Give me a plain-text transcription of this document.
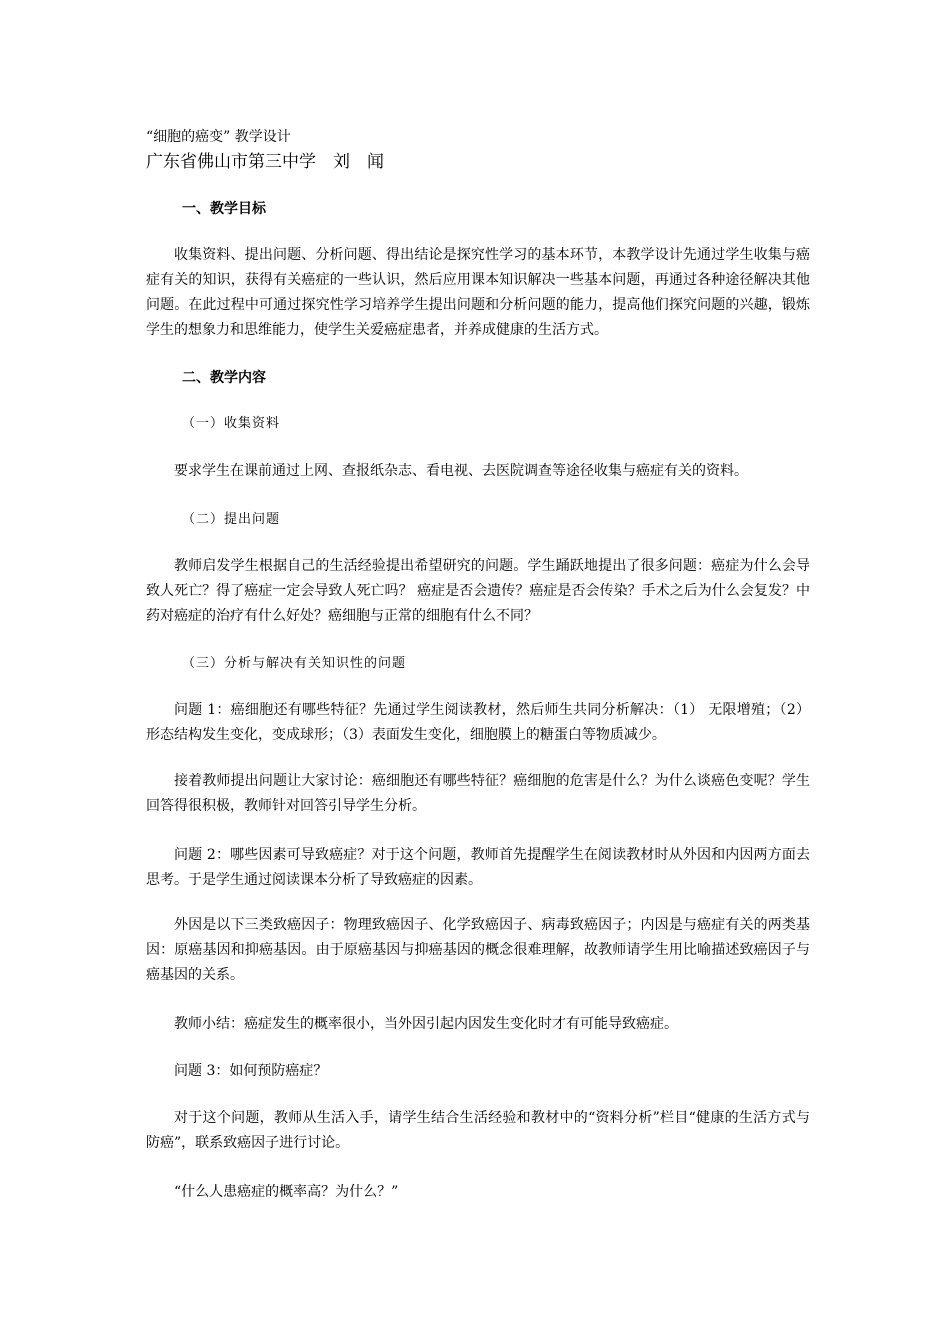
“细胞的癌变” 教学设计
广东省佛山市第三中学　刘　闻
一、教学目标
收集资料、提出问题、分析问题、得出结论是探究性学习的基本环节，本教学设计先通过学生收集与癌症有关的知识，获得有关癌症的一些认识，然后应用课本知识解决一些基本问题，再通过各种途径解决其他问题。在此过程中可通过探究性学习培养学生提出问题和分析问题的能力，提高他们探究问题的兴趣，锻炼学生的想象力和思维能力，使学生关爱癌症患者，并养成健康的生活方式。
二、教学内容
（一）收集资料
要求学生在课前通过上网、查报纸杂志、看电视、去医院调查等途径收集与癌症有关的资料。
（二）提出问题
教师启发学生根据自己的生活经验提出希望研究的问题。学生踊跃地提出了很多问题：癌症为什么会导致人死亡？得了癌症一定会导致人死亡吗？ 癌症是否会遗传？癌症是否会传染？手术之后为什么会复发？中药对癌症的治疗有什么好处？癌细胞与正常的细胞有什么不同？
（三）分析与解决有关知识性的问题
问题 1：癌细胞还有哪些特征？先通过学生阅读教材，然后师生共同分析解决：（1） 无限增殖；（2）形态结构发生变化，变成球形；（3）表面发生变化，细胞膜上的糖蛋白等物质减少。
接着教师提出问题让大家讨论：癌细胞还有哪些特征？癌细胞的危害是什么？为什么谈癌色变呢？学生回答得很积极，教师针对回答引导学生分析。
问题 2：哪些因素可导致癌症？对于这个问题，教师首先提醒学生在阅读教材时从外因和内因两方面去思考。于是学生通过阅读课本分析了导致癌症的因素。
外因是以下三类致癌因子：物理致癌因子、化学致癌因子、病毒致癌因子；内因是与癌症有关的两类基因：原癌基因和抑癌基因。由于原癌基因与抑癌基因的概念很难理解，故教师请学生用比喻描述致癌因子与癌基因的关系。
教师小结：癌症发生的概率很小，当外因引起内因发生变化时才有可能导致癌症。
问题 3：如何预防癌症？
对于这个问题，教师从生活入手，请学生结合生活经验和教材中的“资料分析”栏目“健康的生活方式与防癌”，联系致癌因子进行讨论。
“什么人患癌症的概率高？为什么？”
